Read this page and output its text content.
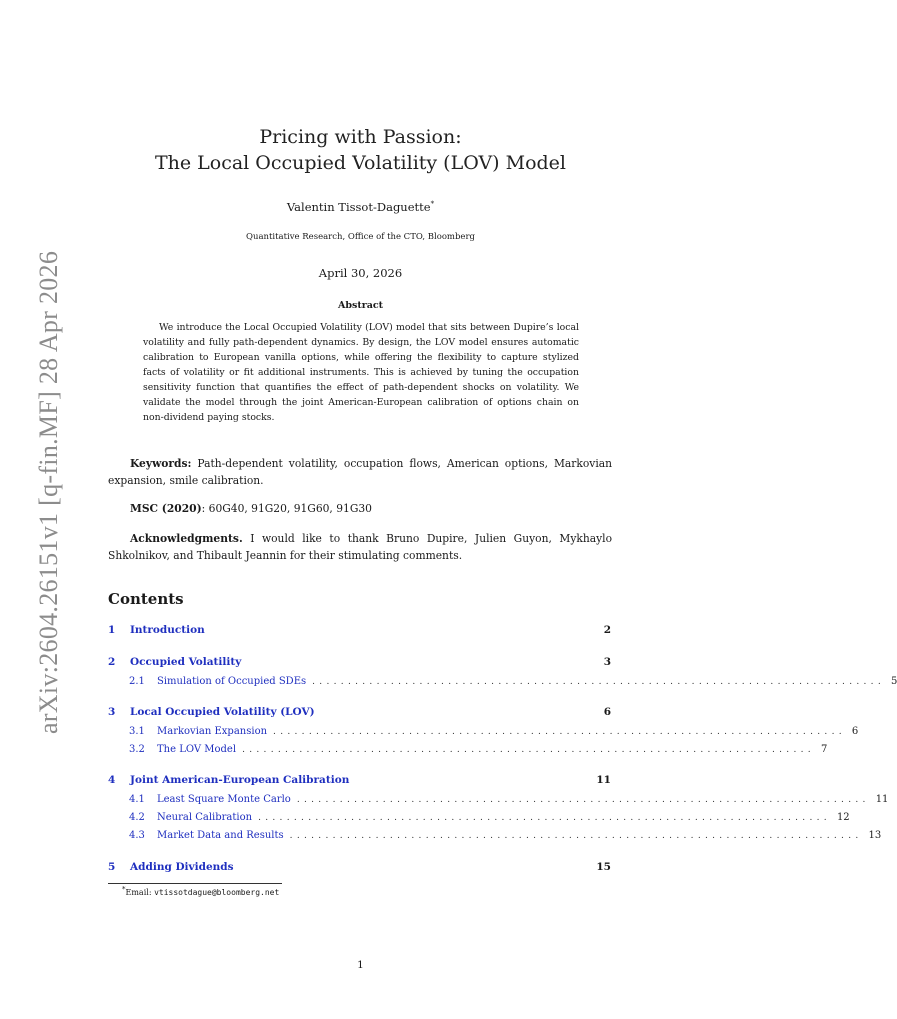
arXiv:2604.26151v1 [q-fin.MF] 28 Apr 2026
Pricing with Passion:
The Local Occupied Volatility (LOV) Model
Valentin Tissot-Daguette*
Quantitative Research, Office of the CTO, Bloomberg
April 30, 2026
Abstract

We introduce the Local Occupied Volatility (LOV) model that sits between Dupire’s local volatility and fully path-dependent dynamics. By design, the LOV model ensures automatic calibration to European vanilla options, while offering the flexibility to capture stylized facts of volatility or fit additional instruments. This is achieved by tuning the occupation sensitivity function that quantifies the effect of path-dependent shocks on volatility. We validate the model through the joint American-European calibration of options chain on non-dividend paying stocks.

Keywords: Path-dependent volatility, occupation flows, American options, Markovian expansion, smile calibration.

MSC (2020): 60G40, 91G20, 91G60, 91G30

Acknowledgments. I would like to thank Bruno Dupire, Julien Guyon, Mykhaylo Shkolnikov, and Thibault Jeannin for their stimulating comments.

Contents
1 Introduction	2
2 Occupied Volatility	3
2.1 Simulation of Occupied SDEs ................................................................................ 5
3 Local Occupied Volatility (LOV)	6
3.1 Markovian Expansion ................................................................................ 6
3.2 The LOV Model ................................................................................ 7
4 Joint American-European Calibration	11
4.1 Least Square Monte Carlo ................................................................................ 11
4.2 Neural Calibration ................................................................................ 12
4.3 Market Data and Results ................................................................................ 13
5 Adding Dividends	15
*Email: vtissotdague@bloomberg.net
1
